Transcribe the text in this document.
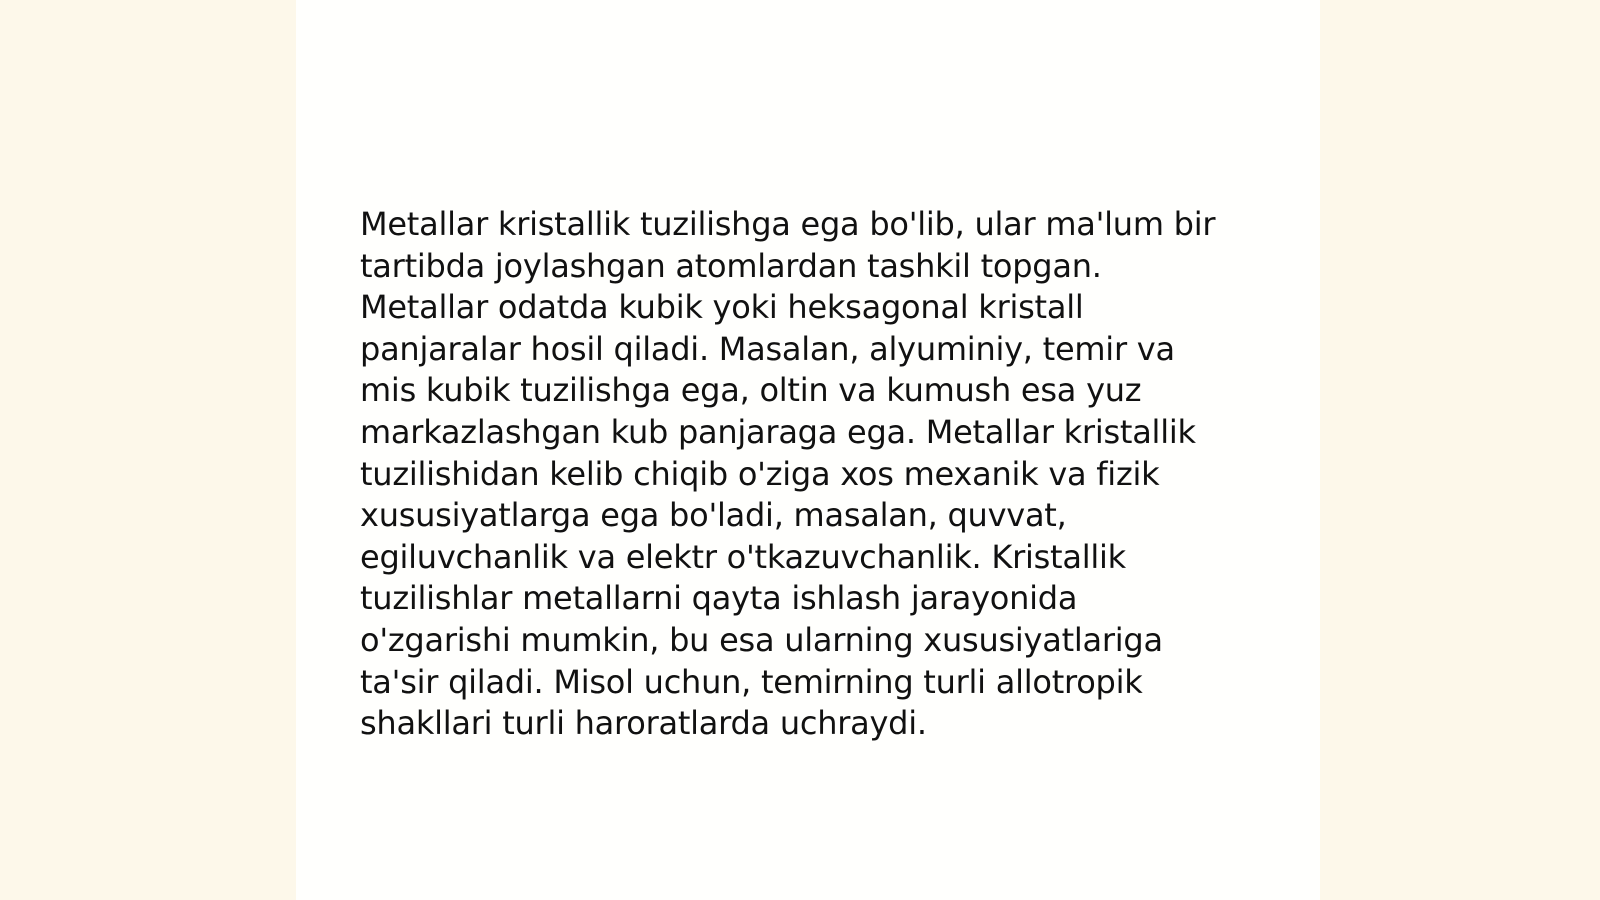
Metallar kristallik tuzilishga ega bo'lib, ular ma'lum bir
tartibda joylashgan atomlardan tashkil topgan.
Metallar odatda kubik yoki heksagonal kristall
panjaralar hosil qiladi. Masalan, alyuminiy, temir va
mis kubik tuzilishga ega, oltin va kumush esa yuz
markazlashgan kub panjaraga ega. Metallar kristallik
tuzilishidan kelib chiqib o'ziga xos mexanik va fizik
xususiyatlarga ega bo'ladi, masalan, quvvat,
egiluvchanlik va elektr o'tkazuvchanlik. Kristallik
tuzilishlar metallarni qayta ishlash jarayonida
o'zgarishi mumkin, bu esa ularning xususiyatlariga
ta'sir qiladi. Misol uchun, temirning turli allotropik
shakllari turli haroratlarda uchraydi.
